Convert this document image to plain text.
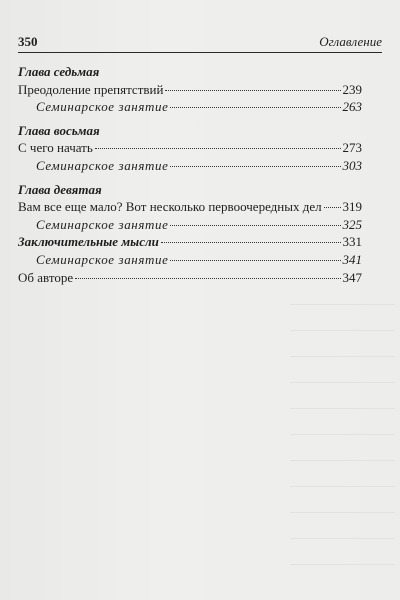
350	Оглавление
Глава седьмая
Преодоление препятствий	239
Семинарское занятие	263
Глава восьмая
С чего начать	273
Семинарское занятие	303
Глава девятая
Вам все еще мало? Вот несколько первоочередных дел 319
Семинарское занятие	325
Заключительные мысли	331
Семинарское занятие	341
Об авторе	347
